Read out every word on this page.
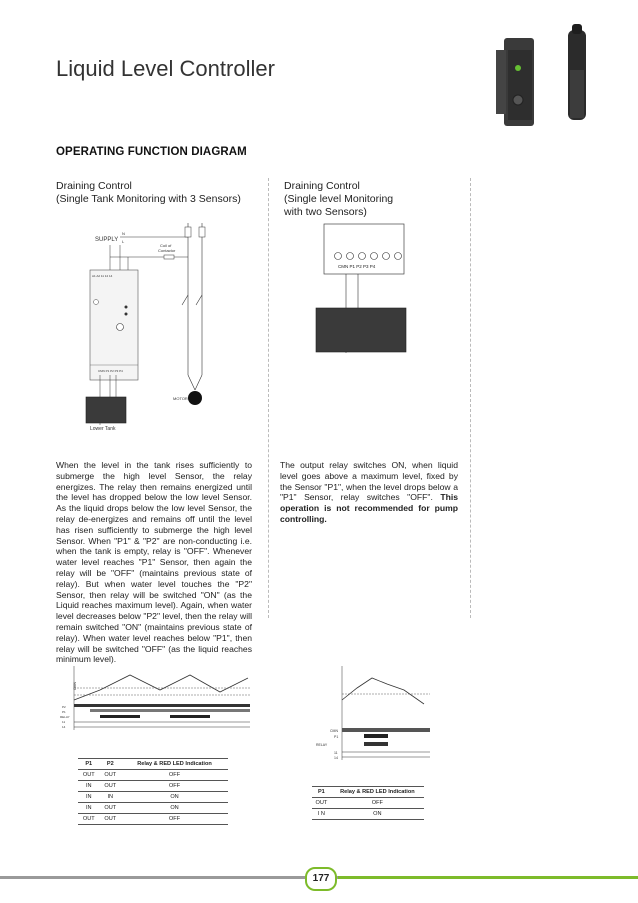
Liquid Level Controller
OPERATING FUNCTION DIAGRAM
Draining Control
(Single Tank Monitoring with 3 Sensors)
Draining Control
(Single level Monitoring
with two Sensors)
SUPPLY
N
L
Coil of
Contactor
A1 A2 11 12 14
CMN P1 P2 P3 P4
MOTOR
Lower Tank
CMN P1 P2 P3 P4
When the level in the tank rises sufficiently to submerge the high level Sensor, the relay energizes. The relay then remains energized until the level has dropped below the low level Sensor. As the liquid drops below the low level Sensor, the relay de-energizes and remains off until the level has risen sufficiently to submerge the high level Sensor. When "P1" & "P2" are non-conducting i.e. when the tank is empty, relay is "OFF". Whenever water level reaches "P1" Sensor, then again the relay will be "OFF" (maintains previous state of relay). But when water level touches the "P2" Sensor, then relay will be switched "ON" (as the Liquid reaches maximum level). Again, when water level decreases below "P2" level, then the relay will remain switched "ON" (maintains previous state of relay). When water level reaches below "P1", then relay will be switched "OFF" (as the liquid reaches minimum level).
The output relay switches ON, when liquid level goes above a maximum level, fixed by the Sensor "P1", when the level drops below a "P1" Sensor, relay switches "OFF". This operation is not recommended for pump controlling.
CMN
P2
P1
RELAY
11
14
CMN
P1
RELAY
11
14
P1	P2	Relay & RED LED Indication
OUT	OUT	OFF
IN	OUT	OFF
IN	IN	ON
IN	OUT	ON
OUT	OUT	OFF
P1	Relay & RED LED Indication
OUT	OFF
I N	ON
177
